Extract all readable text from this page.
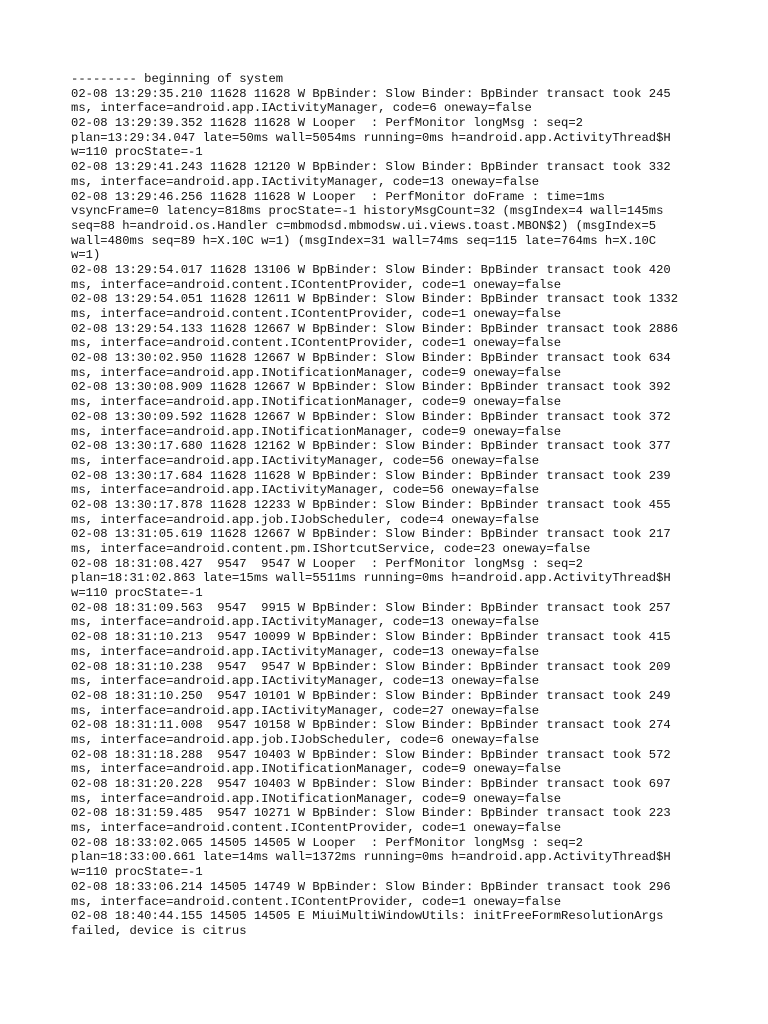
--------- beginning of system
02-08 13:29:35.210 11628 11628 W BpBinder: Slow Binder: BpBinder transact took 245
ms, interface=android.app.IActivityManager, code=6 oneway=false
02-08 13:29:39.352 11628 11628 W Looper  : PerfMonitor longMsg : seq=2
plan=13:29:34.047 late=50ms wall=5054ms running=0ms h=android.app.ActivityThread$H
w=110 procState=-1
02-08 13:29:41.243 11628 12120 W BpBinder: Slow Binder: BpBinder transact took 332
ms, interface=android.app.IActivityManager, code=13 oneway=false
02-08 13:29:46.256 11628 11628 W Looper  : PerfMonitor doFrame : time=1ms
vsyncFrame=0 latency=818ms procState=-1 historyMsgCount=32 (msgIndex=4 wall=145ms
seq=88 h=android.os.Handler c=mbmodsd.mbmodsw.ui.views.toast.MBON$2) (msgIndex=5
wall=480ms seq=89 h=X.10C w=1) (msgIndex=31 wall=74ms seq=115 late=764ms h=X.10C
w=1)
02-08 13:29:54.017 11628 13106 W BpBinder: Slow Binder: BpBinder transact took 420
ms, interface=android.content.IContentProvider, code=1 oneway=false
02-08 13:29:54.051 11628 12611 W BpBinder: Slow Binder: BpBinder transact took 1332
ms, interface=android.content.IContentProvider, code=1 oneway=false
02-08 13:29:54.133 11628 12667 W BpBinder: Slow Binder: BpBinder transact took 2886
ms, interface=android.content.IContentProvider, code=1 oneway=false
02-08 13:30:02.950 11628 12667 W BpBinder: Slow Binder: BpBinder transact took 634
ms, interface=android.app.INotificationManager, code=9 oneway=false
02-08 13:30:08.909 11628 12667 W BpBinder: Slow Binder: BpBinder transact took 392
ms, interface=android.app.INotificationManager, code=9 oneway=false
02-08 13:30:09.592 11628 12667 W BpBinder: Slow Binder: BpBinder transact took 372
ms, interface=android.app.INotificationManager, code=9 oneway=false
02-08 13:30:17.680 11628 12162 W BpBinder: Slow Binder: BpBinder transact took 377
ms, interface=android.app.IActivityManager, code=56 oneway=false
02-08 13:30:17.684 11628 11628 W BpBinder: Slow Binder: BpBinder transact took 239
ms, interface=android.app.IActivityManager, code=56 oneway=false
02-08 13:30:17.878 11628 12233 W BpBinder: Slow Binder: BpBinder transact took 455
ms, interface=android.app.job.IJobScheduler, code=4 oneway=false
02-08 13:31:05.619 11628 12667 W BpBinder: Slow Binder: BpBinder transact took 217
ms, interface=android.content.pm.IShortcutService, code=23 oneway=false
02-08 18:31:08.427  9547  9547 W Looper  : PerfMonitor longMsg : seq=2
plan=18:31:02.863 late=15ms wall=5511ms running=0ms h=android.app.ActivityThread$H
w=110 procState=-1
02-08 18:31:09.563  9547  9915 W BpBinder: Slow Binder: BpBinder transact took 257
ms, interface=android.app.IActivityManager, code=13 oneway=false
02-08 18:31:10.213  9547 10099 W BpBinder: Slow Binder: BpBinder transact took 415
ms, interface=android.app.IActivityManager, code=13 oneway=false
02-08 18:31:10.238  9547  9547 W BpBinder: Slow Binder: BpBinder transact took 209
ms, interface=android.app.IActivityManager, code=13 oneway=false
02-08 18:31:10.250  9547 10101 W BpBinder: Slow Binder: BpBinder transact took 249
ms, interface=android.app.IActivityManager, code=27 oneway=false
02-08 18:31:11.008  9547 10158 W BpBinder: Slow Binder: BpBinder transact took 274
ms, interface=android.app.job.IJobScheduler, code=6 oneway=false
02-08 18:31:18.288  9547 10403 W BpBinder: Slow Binder: BpBinder transact took 572
ms, interface=android.app.INotificationManager, code=9 oneway=false
02-08 18:31:20.228  9547 10403 W BpBinder: Slow Binder: BpBinder transact took 697
ms, interface=android.app.INotificationManager, code=9 oneway=false
02-08 18:31:59.485  9547 10271 W BpBinder: Slow Binder: BpBinder transact took 223
ms, interface=android.content.IContentProvider, code=1 oneway=false
02-08 18:33:02.065 14505 14505 W Looper  : PerfMonitor longMsg : seq=2
plan=18:33:00.661 late=14ms wall=1372ms running=0ms h=android.app.ActivityThread$H
w=110 procState=-1
02-08 18:33:06.214 14505 14749 W BpBinder: Slow Binder: BpBinder transact took 296
ms, interface=android.content.IContentProvider, code=1 oneway=false
02-08 18:40:44.155 14505 14505 E MiuiMultiWindowUtils: initFreeFormResolutionArgs
failed, device is citrus
